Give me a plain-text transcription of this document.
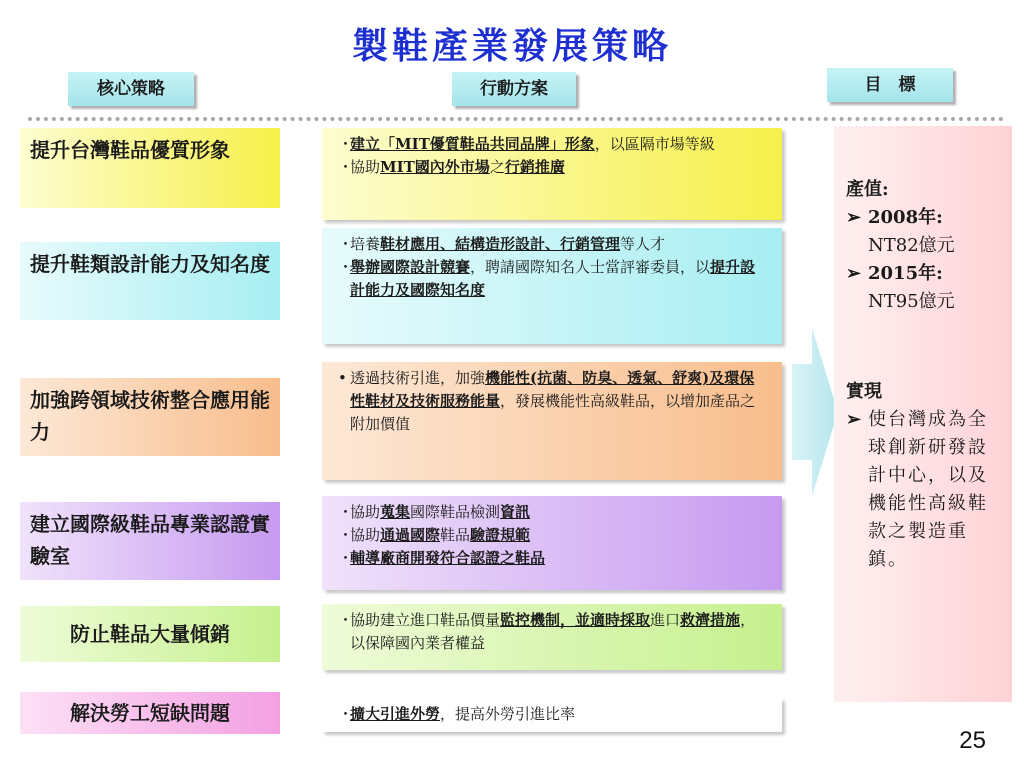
製鞋產業發展策略
核心策略	行動方案	目　標
提升台灣鞋品優質形象
提升鞋類設計能力及知名度
加強跨領域技術整合應用能力
建立國際級鞋品專業認證實驗室
防止鞋品大量傾銷
解決勞工短缺問題
・
建立「MIT優質鞋品共同品牌」形象，以區隔市場等級
・
協助MIT國內外市場之行銷推廣
・
培養鞋材應用、結構造形設計、行銷管理等人才
・
舉辦國際設計競賽，聘請國際知名人士當評審委員，以提升設計能力及國際知名度
• 透過技術引進，加強機能性(抗菌、防臭、透氣、舒爽)及環保性鞋材及技術服務能量，發展機能性高級鞋品，以增加產品之附加價值
・
協助蒐集國際鞋品檢測資訊
・
協助通過國際鞋品驗證規範
・
輔導廠商開發符合認證之鞋品
・
協助建立進口鞋品價量監控機制，並適時採取進口救濟措施，以保障國內業者權益
・
擴大引進外勞，提高外勞引進比率
產值:
➢ 2008年:
NT82億元
➢ 2015年:
NT95億元
實現
➢ 使台灣成為全球創新研發設計中心，以及機能性高級鞋款之製造重鎮。
25
